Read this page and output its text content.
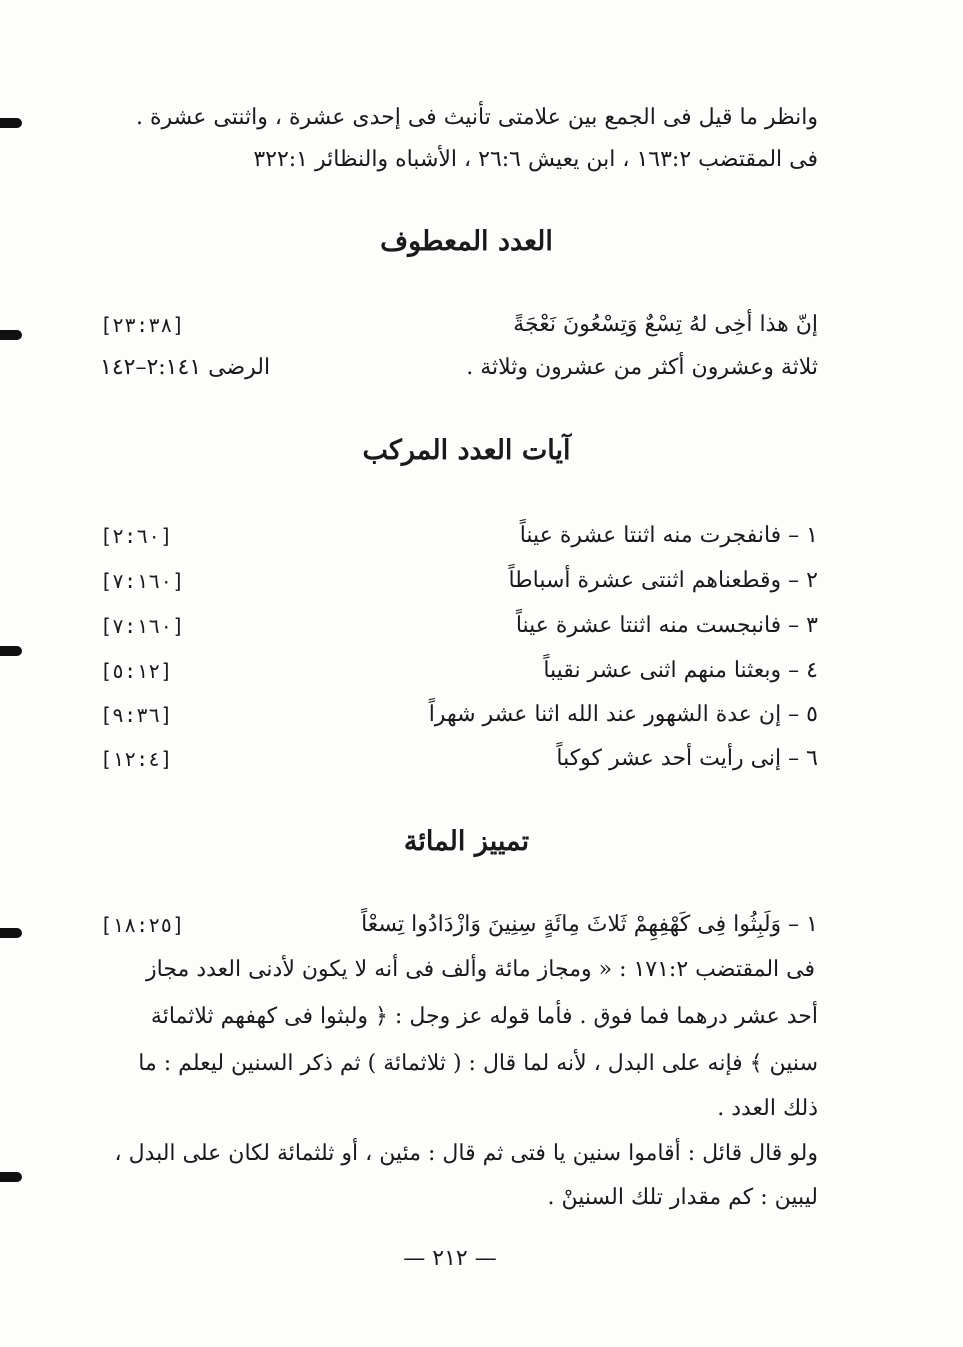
وانظر ما قيل فى الجمع بين علامتى تأنيث فى إحدى عشرة ، واثنتى عشرة .
فى المقتضب ١٦٣:٢ ، ابن يعيش ٢٦:٦ ، الأشباه والنظائر ٣٢٢:١
العدد المعطوف
إنّ هذا أخِى لهُ تِسْعٌ وَتِسْعُونَ نَعْجَةً
[٢٣:٣٨]
ثلاثة وعشرون أكثر من عشرون وثلاثة .
الرضى ٢:١٤١–١٤٢
آيات العدد المركب
١ – فانفجرت منه اثنتا عشرة عيناً
[٢:٦٠]
٢ – وقطعناهم اثنتى عشرة أسباطاً
[٧:١٦٠]
٣ – فانبجست منه اثنتا عشرة عيناً
[٧:١٦٠]
٤ – وبعثنا منهم اثنى عشر نقيباً
[٥:١٢]
٥ – إن عدة الشهور عند الله اثنا عشر شهراً
[٩:٣٦]
٦ – إنى رأيت أحد عشر كوكباً
[١٢:٤]
تمييز المائة
١ – وَلَبِثُوا فِى كَهْفِهِمْ ثَلاثَ مِائَةٍ سِنِينَ وَازْدَادُوا تِسعْاً
[١٨:٢٥]
فى المقتضب ١٧١:٢ : « ومجاز مائة وألف فى أنه لا يكون لأدنى العدد مجاز
أحد عشر درهما فما فوق . فأما قوله عز وجل : ﴿ ولبثوا فى كهفهم ثلاثمائة
سنين ﴾ فإنه على البدل ، لأنه لما قال : ( ثلاثمائة ) ثم ذكر السنين ليعلم : ما
ذلك العدد .
ولو قال قائل : أقاموا سنين يا فتى ثم قال : مئين ، أو ثلثمائة لكان على البدل ،
ليبين : كم مقدار تلك السنينْ .
— ٢١٢ —
